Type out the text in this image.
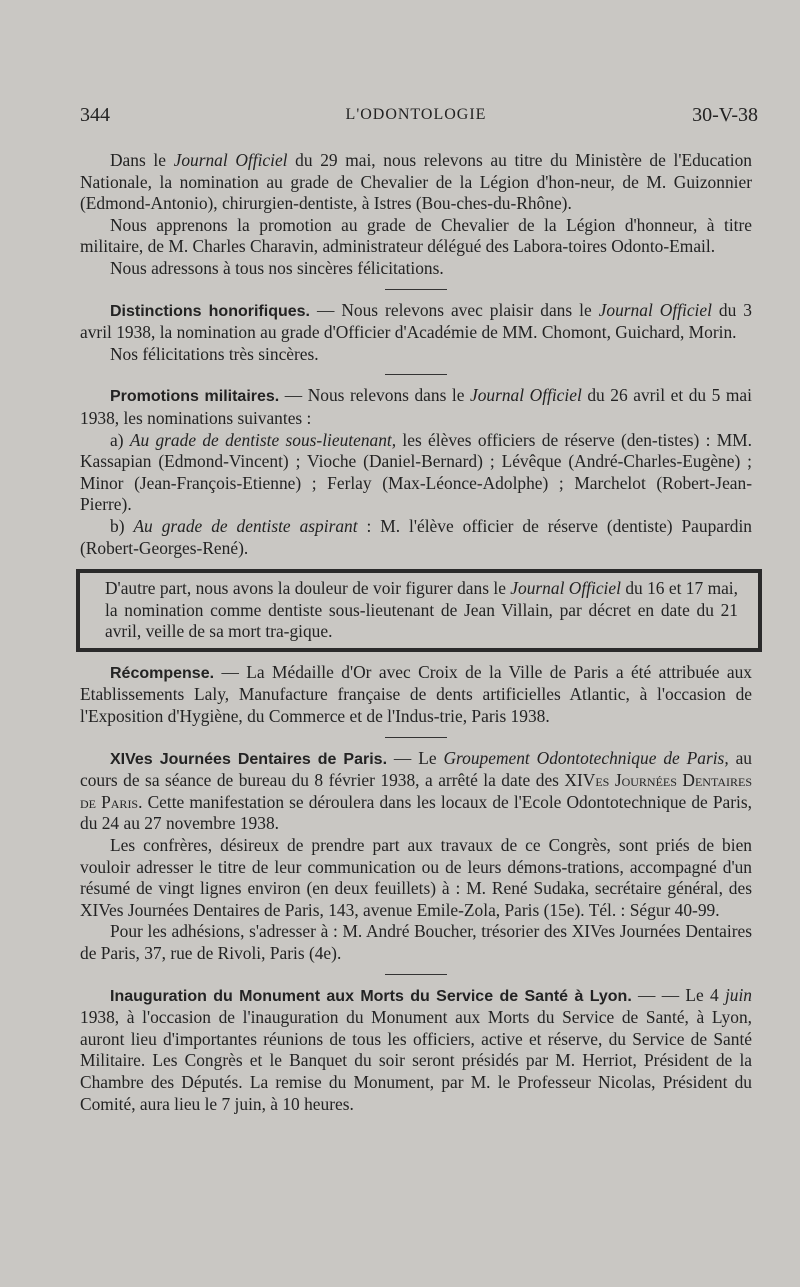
344	L'ODONTOLOGIE	30-V-38

Dans le Journal Officiel du 29 mai, nous relevons au titre du Ministère de l'Education Nationale, la nomination au grade de Chevalier de la Légion d'hon-neur, de M. Guizonnier (Edmond-Antonio), chirurgien-dentiste, à Istres (Bou-ches-du-Rhône).

Nous apprenons la promotion au grade de Chevalier de la Légion d'honneur, à titre militaire, de M. Charles Charavin, administrateur délégué des Labora-toires Odonto-Email.

Nous adressons à tous nos sincères félicitations.

Distinctions honorifiques. — Nous relevons avec plaisir dans le Journal Officiel du 3 avril 1938, la nomination au grade d'Officier d'Académie de MM. Chomont, Guichard, Morin.

Nos félicitations très sincères.

Promotions militaires. — Nous relevons dans le Journal Officiel du 26 avril et du 5 mai 1938, les nominations suivantes :

a) Au grade de dentiste sous-lieutenant, les élèves officiers de réserve (den-tistes) : MM. Kassapian (Edmond-Vincent) ; Vioche (Daniel-Bernard) ; Lévêque (André-Charles-Eugène) ; Minor (Jean-François-Etienne) ; Ferlay (Max-Léonce-Adolphe) ; Marchelot (Robert-Jean-Pierre).

b) Au grade de dentiste aspirant : M. l'élève officier de réserve (dentiste) Paupardin (Robert-Georges-René).

D'autre part, nous avons la douleur de voir figurer dans le Journal Officiel du 16 et 17 mai, la nomination comme dentiste sous-lieutenant de Jean Villain, par décret en date du 21 avril, veille de sa mort tra-gique.

Récompense. — La Médaille d'Or avec Croix de la Ville de Paris a été attribuée aux Etablissements Laly, Manufacture française de dents artificielles Atlantic, à l'occasion de l'Exposition d'Hygiène, du Commerce et de l'Indus-trie, Paris 1938.

XIVes Journées Dentaires de Paris. — Le Groupement Odontotechnique de Paris, au cours de sa séance de bureau du 8 février 1938, a arrêté la date des XIVes Journées Dentaires de Paris. Cette manifestation se déroulera dans les locaux de l'Ecole Odontotechnique de Paris, du 24 au 27 novembre 1938.

Les confrères, désireux de prendre part aux travaux de ce Congrès, sont priés de bien vouloir adresser le titre de leur communication ou de leurs démons-trations, accompagné d'un résumé de vingt lignes environ (en deux feuillets) à : M. René Sudaka, secrétaire général, des XIVes Journées Dentaires de Paris, 143, avenue Emile-Zola, Paris (15e). Tél. : Ségur 40-99.

Pour les adhésions, s'adresser à : M. André Boucher, trésorier des XIVes Journées Dentaires de Paris, 37, rue de Rivoli, Paris (4e).

Inauguration du Monument aux Morts du Service de Santé à Lyon. — — Le 4 juin 1938, à l'occasion de l'inauguration du Monument aux Morts du Service de Santé, à Lyon, auront lieu d'importantes réunions de tous les officiers, active et réserve, du Service de Santé Militaire. Les Congrès et le Banquet du soir seront présidés par M. Herriot, Président de la Chambre des Députés. La remise du Monument, par M. le Professeur Nicolas, Président du Comité, aura lieu le 7 juin, à 10 heures.
